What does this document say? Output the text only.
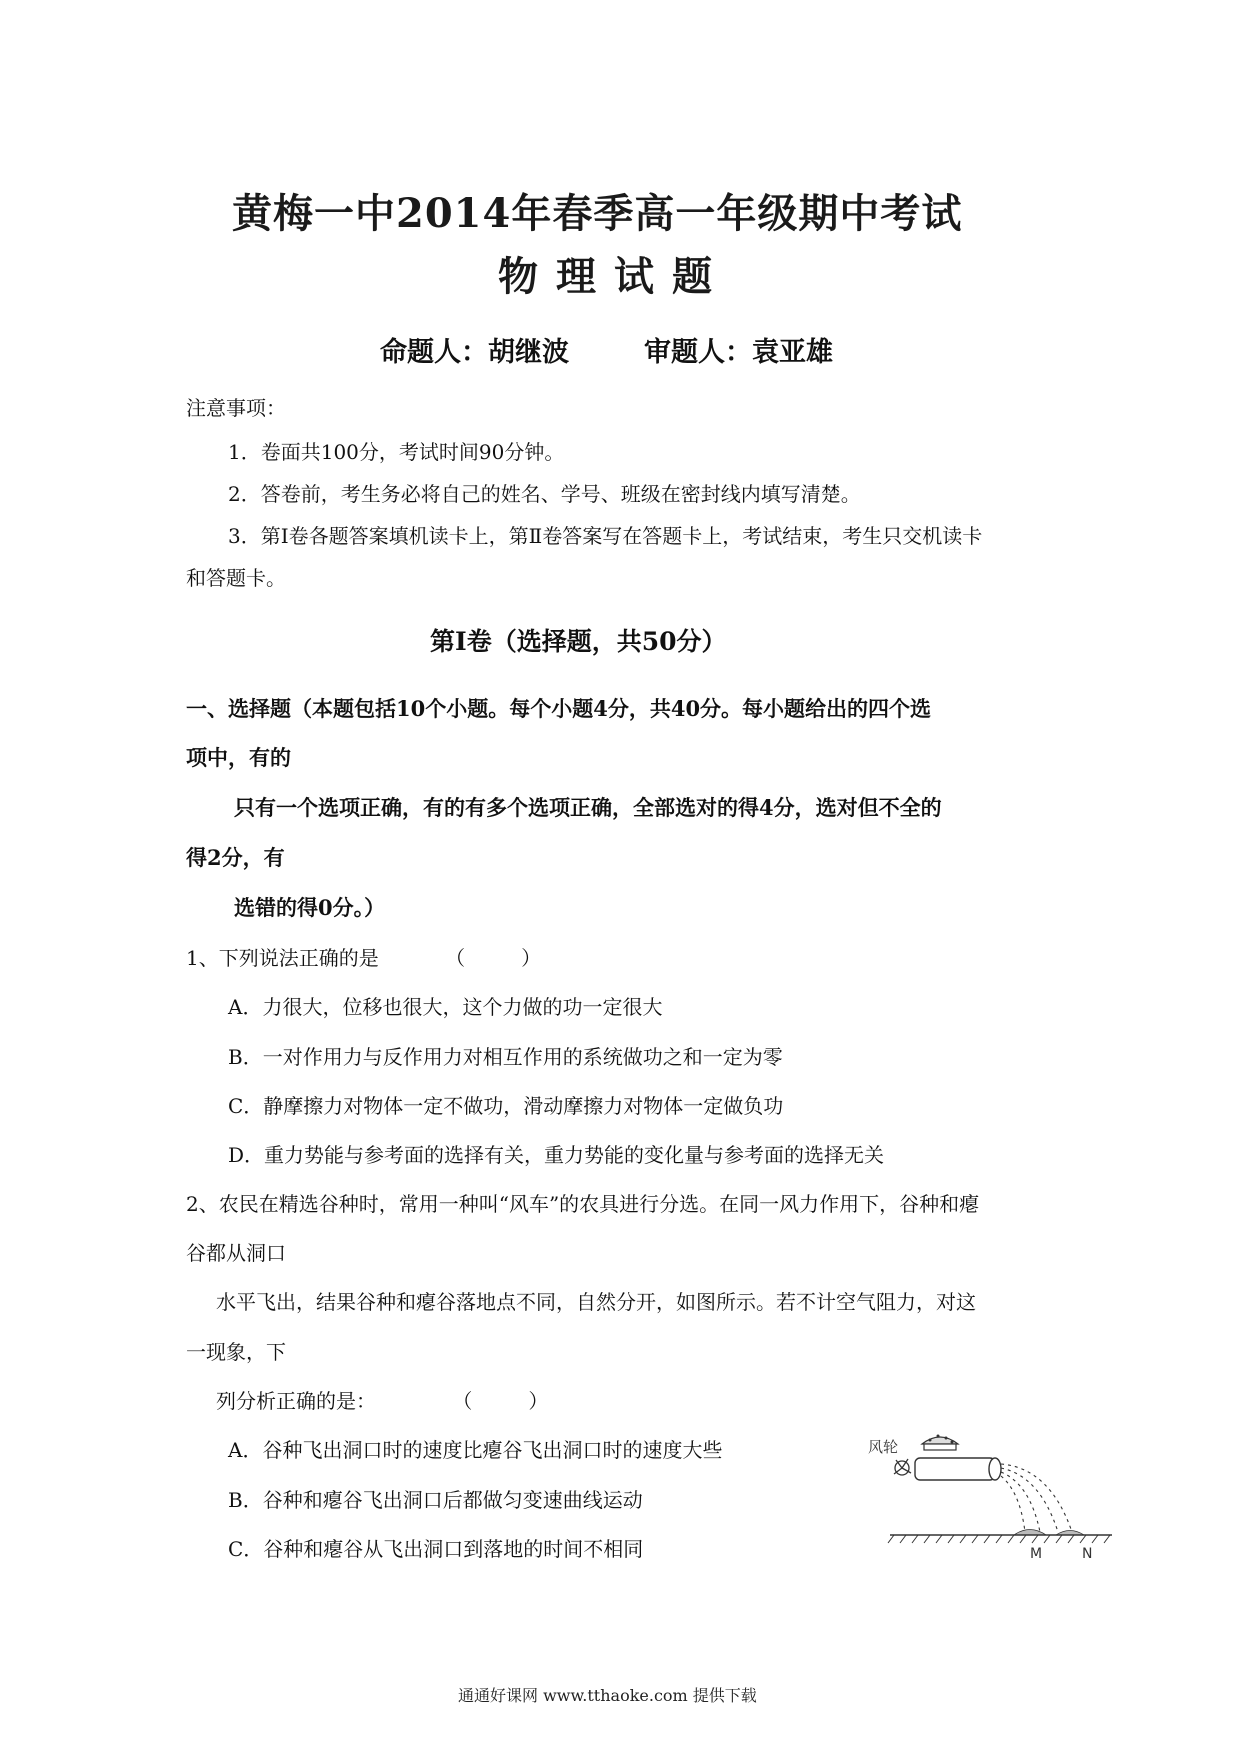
黄梅一中2014年春季高一年级期中考试
物理试题
命题人：胡继波	审题人：袁亚雄
注意事项：
1．卷面共100分，考试时间90分钟。
2．答卷前，考生务必将自己的姓名、学号、班级在密封线内填写清楚。
3．第Ⅰ卷各题答案填机读卡上，第Ⅱ卷答案写在答题卡上，考试结束，考生只交机读卡
和答题卡。
第Ⅰ卷（选择题，共50分）
一、选择题（本题包括10个小题。每个小题4分，共40分。每小题给出的四个选
项中，有的
只有一个选项正确，有的有多个选项正确，全部选对的得4分，选对但不全的
得2分，有
选错的得0分。）
1、下列说法正确的是	（	）
A．力很大，位移也很大，这个力做的功一定很大
B．一对作用力与反作用力对相互作用的系统做功之和一定为零
C．静摩擦力对物体一定不做功，滑动摩擦力对物体一定做负功
D．重力势能与参考面的选择有关，重力势能的变化量与参考面的选择无关
2、农民在精选谷种时，常用一种叫“风车”的农具进行分选。在同一风力作用下，谷种和瘪
谷都从洞口
水平飞出，结果谷种和瘪谷落地点不同，自然分开，如图所示。若不计空气阻力，对这
一现象，下
列分析正确的是：	（	）
A．谷种飞出洞口时的速度比瘪谷飞出洞口时的速度大些
B．谷种和瘪谷飞出洞口后都做匀变速曲线运动
C．谷种和瘪谷从飞出洞口到落地的时间不相同
风轮
M	N
通通好课网 www.tthaoke.com 提供下载
